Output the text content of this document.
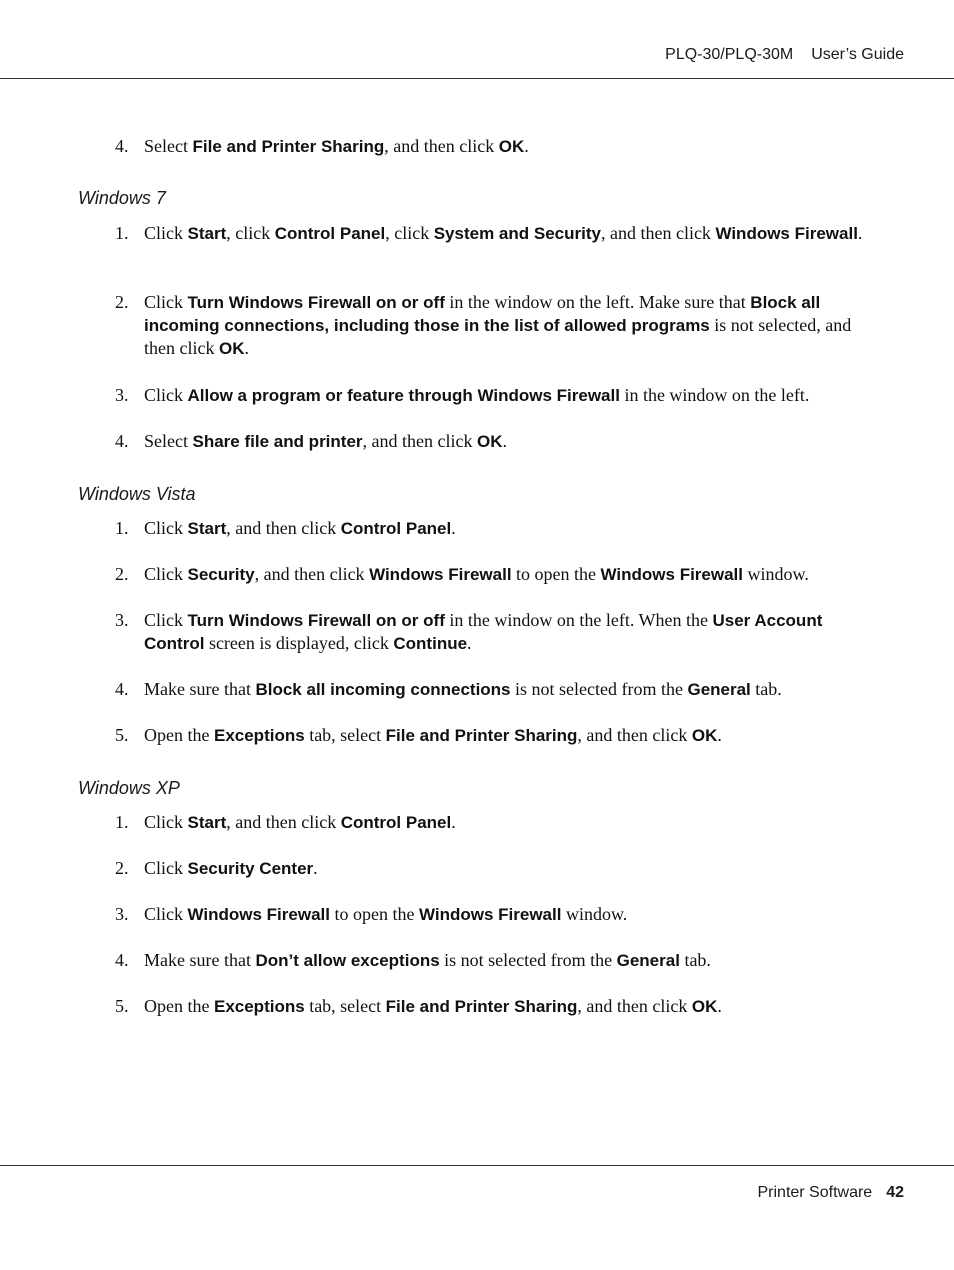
PLQ-30/PLQ-30M User’s Guide
4. Select File and Printer Sharing, and then click OK.
Windows 7
1. Click Start, click Control Panel, click System and Security, and then click Windows Firewall.
2. Click Turn Windows Firewall on or off in the window on the left. Make sure that Block all incoming connections, including those in the list of allowed programs is not selected, and then click OK.
3. Click Allow a program or feature through Windows Firewall in the window on the left.
4. Select Share file and printer, and then click OK.
Windows Vista
1. Click Start, and then click Control Panel.
2. Click Security, and then click Windows Firewall to open the Windows Firewall window.
3. Click Turn Windows Firewall on or off in the window on the left. When the User Account Control screen is displayed, click Continue.
4. Make sure that Block all incoming connections is not selected from the General tab.
5. Open the Exceptions tab, select File and Printer Sharing, and then click OK.
Windows XP
1. Click Start, and then click Control Panel.
2. Click Security Center.
3. Click Windows Firewall to open the Windows Firewall window.
4. Make sure that Don’t allow exceptions is not selected from the General tab.
5. Open the Exceptions tab, select File and Printer Sharing, and then click OK.
Printer Software 42
